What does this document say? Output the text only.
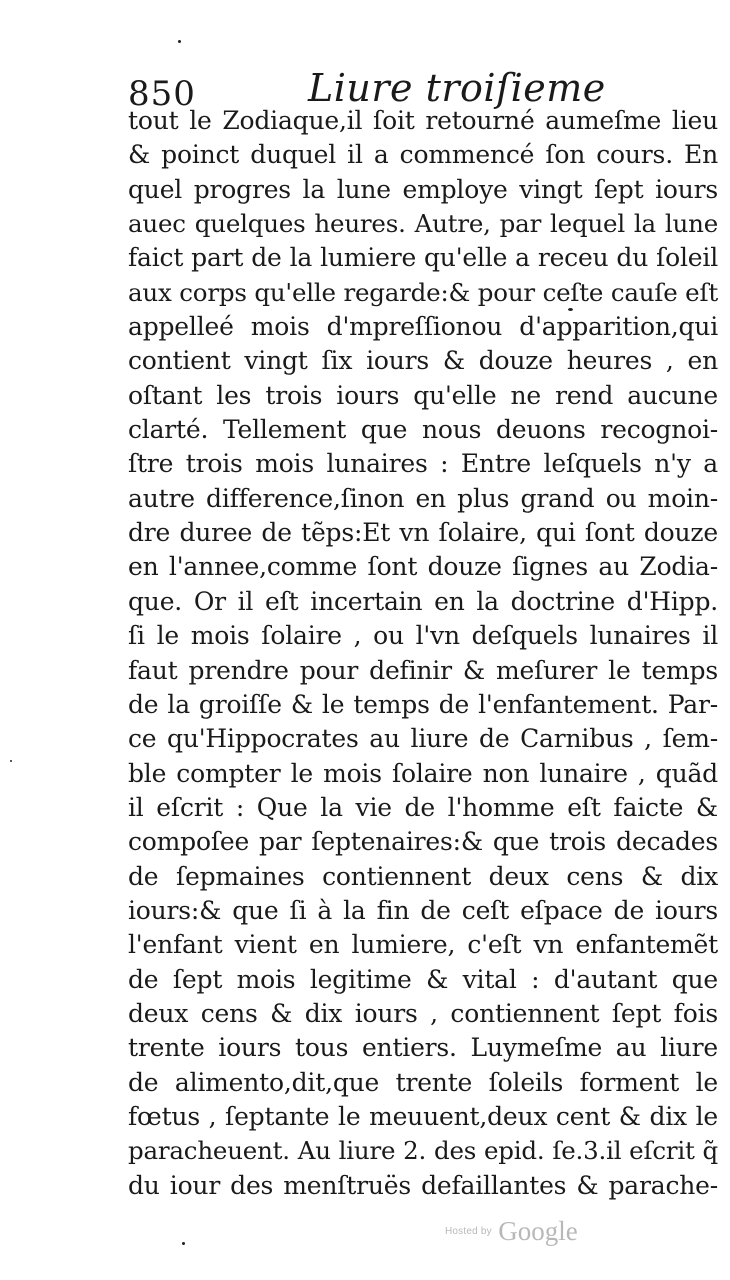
850	Liure troiſieme
tout le Zodiaque,il ſoit retourné aumeſme lieu
& poinct duquel il a commencé ſon cours. En
quel progres la lune employe vingt ſept iours
auec quelques heures. Autre, par lequel la lune
faict part de la lumiere qu'elle a receu du ſoleil
aux corps qu'elle regarde:& pour ceſte cauſe eſt
appelleé mois d'mpreſſionou d'apparition,qui
contient vingt ſix iours & douze heures , en
oſtant les trois iours qu'elle ne rend aucune
clarté. Tellement que nous deuons recognoi-
ſtre trois mois lunaires : Entre leſquels n'y a
autre difference,ſinon en plus grand ou moin-
dre duree de tẽps:Et vn ſolaire, qui ſont douze
en l'annee,comme ſont douze ſignes au Zodia-
que. Or il eſt incertain en la doctrine d'Hipp.
ſi le mois ſolaire , ou l'vn deſquels lunaires il
faut prendre pour definir & meſurer le temps
de la groiſſe & le temps de l'enfantement. Par-
ce qu'Hippocrates au liure de Carnibus , ſem-
ble compter le mois ſolaire non lunaire , quãd
il eſcrit : Que la vie de l'homme eſt faicte &
compoſee par ſeptenaires:& que trois decades
de ſepmaines contiennent deux cens & dix
iours:& que ſi à la fin de ceſt eſpace de iours
l'enfant vient en lumiere, c'eſt vn enfantemẽt
de ſept mois legitime & vital : d'autant que
deux cens & dix iours , contiennent ſept fois
trente iours tous entiers. Luymeſme au liure
de alimento,dit,que trente ſoleils forment le
fœtus , ſeptante le meuuent,deux cent & dix le
paracheuent. Au liure 2. des epid. ſe.3.il eſcrit q̃
du iour des menſtruës defaillantes & parache-
Hosted by Google
